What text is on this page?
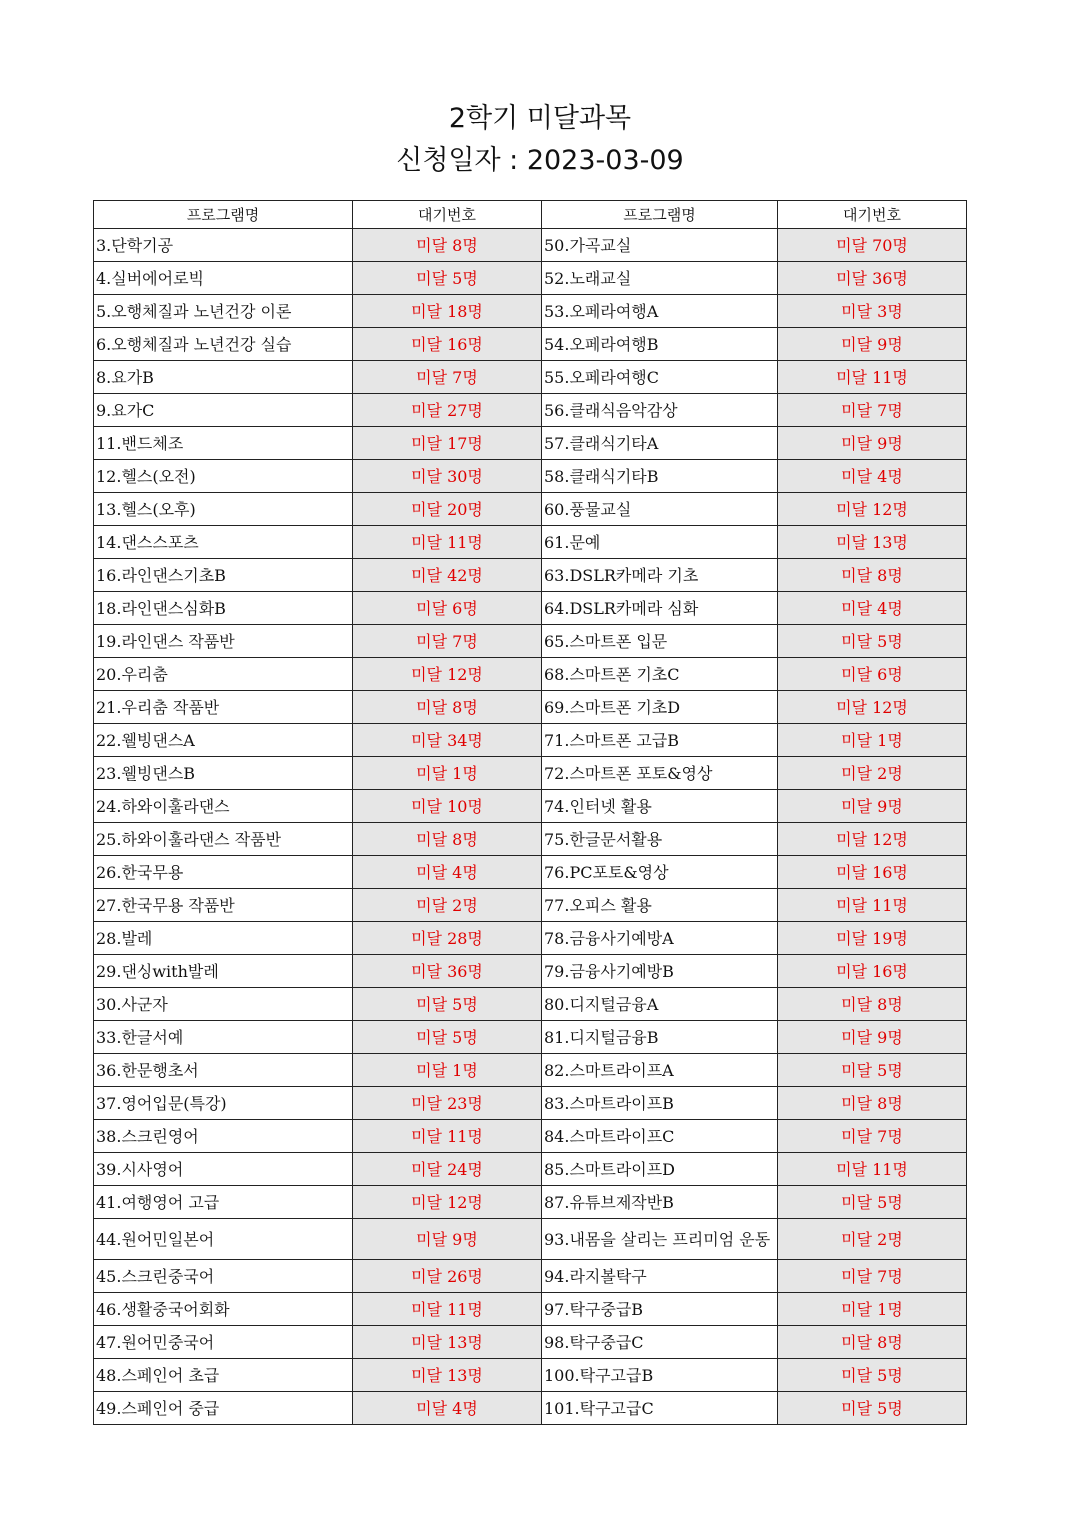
2학기 미달과목
신청일자 : 2023-03-09
프로그램명	대기번호	프로그램명	대기번호
3.단학기공	미달 8명	50.가곡교실	미달 70명
4.실버에어로빅	미달 5명	52.노래교실	미달 36명
5.오행체질과 노년건강 이론	미달 18명	53.오페라여행A	미달 3명
6.오행체질과 노년건강 실습	미달 16명	54.오페라여행B	미달 9명
8.요가B	미달 7명	55.오페라여행C	미달 11명
9.요가C	미달 27명	56.클래식음악감상	미달 7명
11.밴드체조	미달 17명	57.클래식기타A	미달 9명
12.헬스(오전)	미달 30명	58.클래식기타B	미달 4명
13.헬스(오후)	미달 20명	60.풍물교실	미달 12명
14.댄스스포츠	미달 11명	61.문예	미달 13명
16.라인댄스기초B	미달 42명	63.DSLR카메라 기초	미달 8명
18.라인댄스심화B	미달 6명	64.DSLR카메라 심화	미달 4명
19.라인댄스 작품반	미달 7명	65.스마트폰 입문	미달 5명
20.우리춤	미달 12명	68.스마트폰 기초C	미달 6명
21.우리춤 작품반	미달 8명	69.스마트폰 기초D	미달 12명
22.웰빙댄스A	미달 34명	71.스마트폰 고급B	미달 1명
23.웰빙댄스B	미달 1명	72.스마트폰 포토&영상	미달 2명
24.하와이훌라댄스	미달 10명	74.인터넷 활용	미달 9명
25.하와이훌라댄스 작품반	미달 8명	75.한글문서활용	미달 12명
26.한국무용	미달 4명	76.PC포토&영상	미달 16명
27.한국무용 작품반	미달 2명	77.오피스 활용	미달 11명
28.발레	미달 28명	78.금융사기예방A	미달 19명
29.댄싱with발레	미달 36명	79.금융사기예방B	미달 16명
30.사군자	미달 5명	80.디지털금융A	미달 8명
33.한글서예	미달 5명	81.디지털금융B	미달 9명
36.한문행초서	미달 1명	82.스마트라이프A	미달 5명
37.영어입문(특강)	미달 23명	83.스마트라이프B	미달 8명
38.스크린영어	미달 11명	84.스마트라이프C	미달 7명
39.시사영어	미달 24명	85.스마트라이프D	미달 11명
41.여행영어 고급	미달 12명	87.유튜브제작반B	미달 5명
44.원어민일본어	미달 9명	93.내몸을 살리는 프리미엄 운동	미달 2명
45.스크린중국어	미달 26명	94.라지볼탁구	미달 7명
46.생활중국어회화	미달 11명	97.탁구중급B	미달 1명
47.원어민중국어	미달 13명	98.탁구중급C	미달 8명
48.스페인어 초급	미달 13명	100.탁구고급B	미달 5명
49.스페인어 중급	미달 4명	101.탁구고급C	미달 5명
